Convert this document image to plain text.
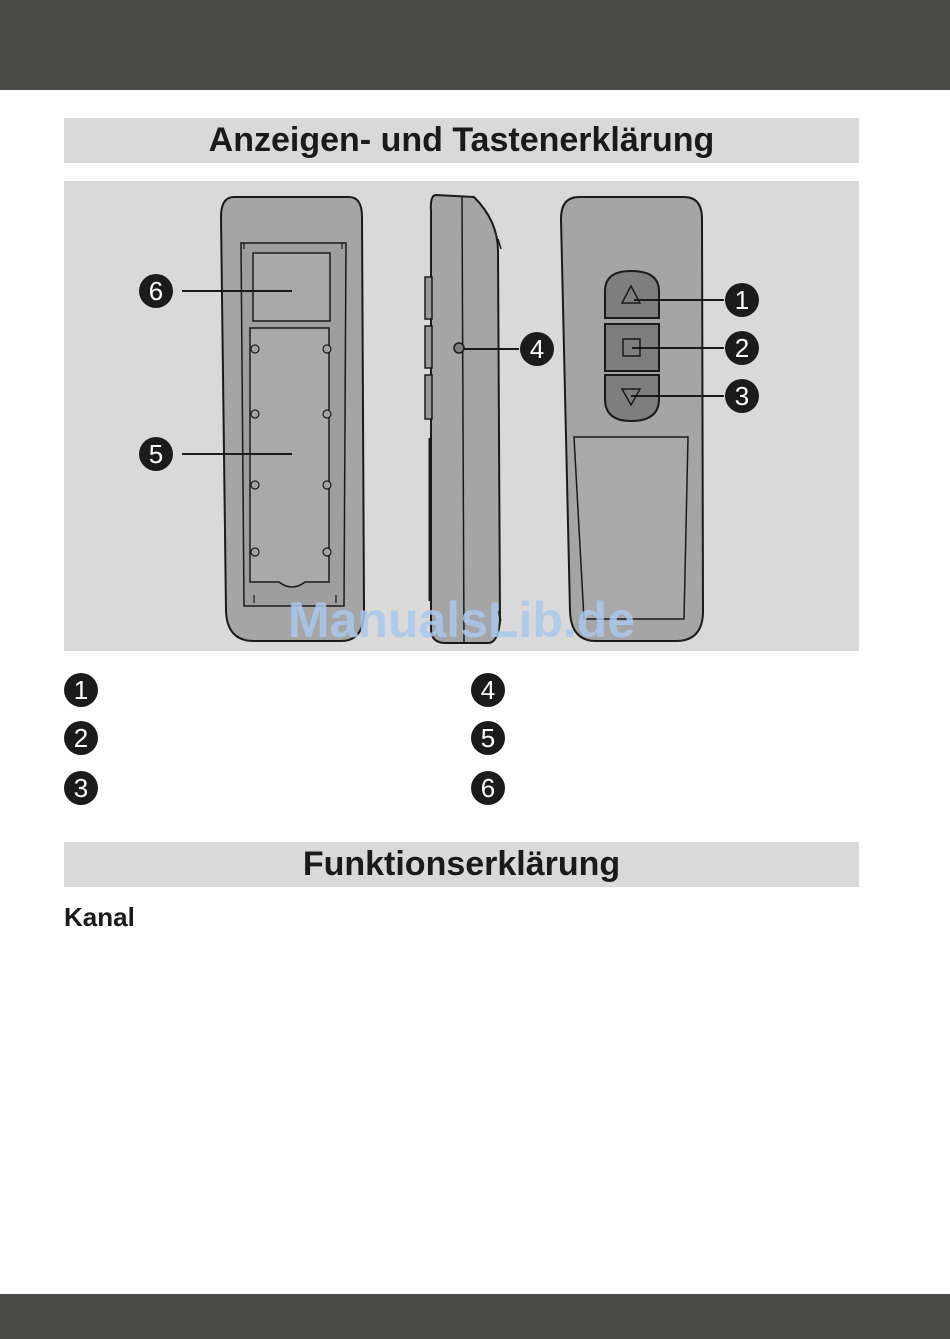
Anzeigen- und Tastenerklärung
6
5
4
1
2
3
ManualsLib.de
1
2
3
4
5
6
Funktionserklärung
Kanal
